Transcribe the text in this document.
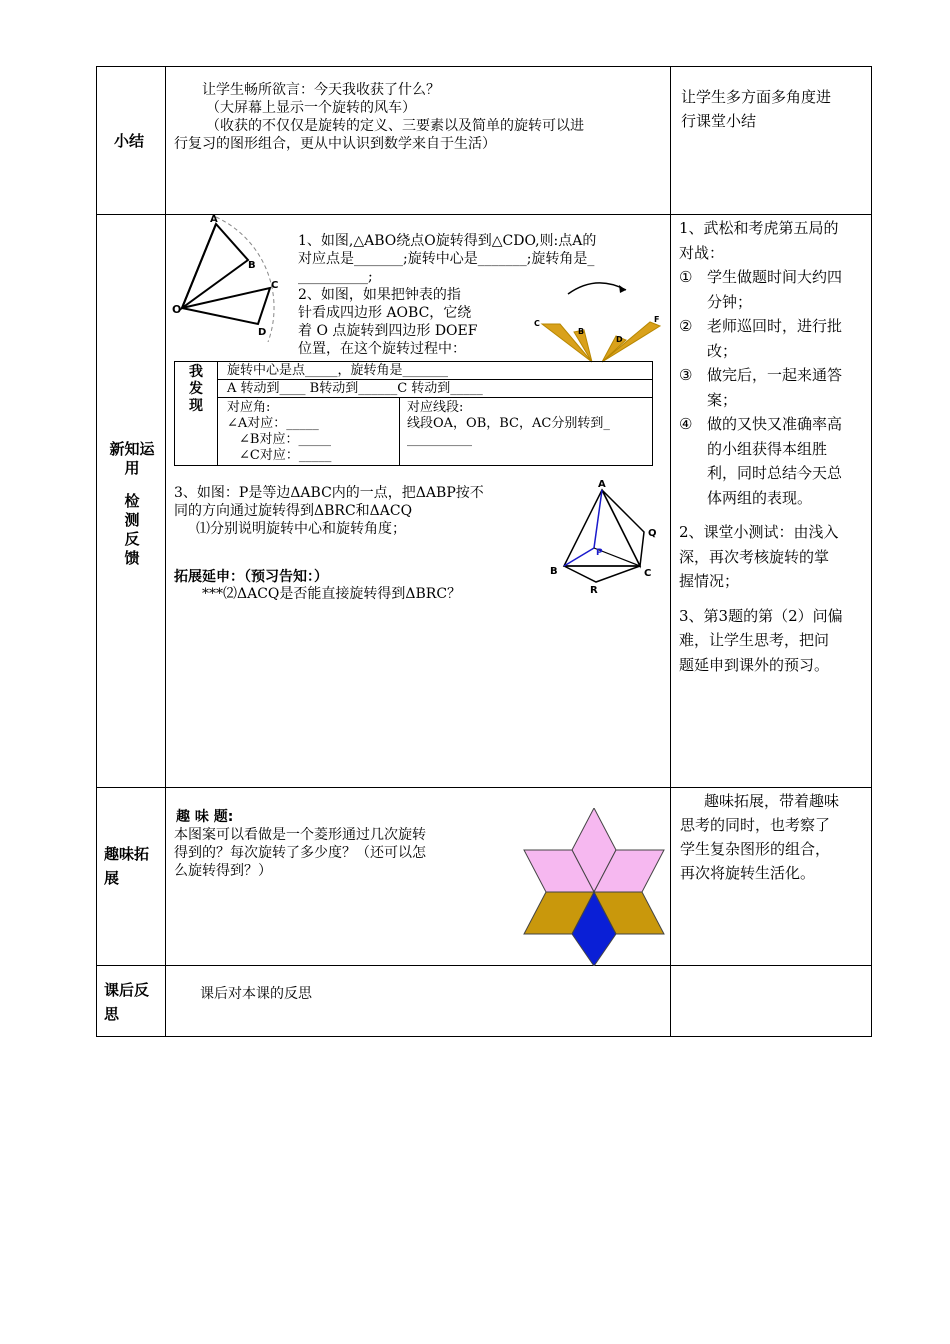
小结
让学生畅所欲言：今天我收获了什么？
（大屏幕上显示一个旋转的风车）
（收获的不仅仅是旋转的定义、三要素以及简单的旋转可以进
行复习的图形组合，更从中认识到数学来自于生活）
让学生多方面多角度进
行课堂小结
新知运
用
检
测
反
馈
A
B
C
D
O
1、如图,△ABO绕点O旋转得到△CDO,则:点A的
对应点是_______;旋转中心是_______;旋转角是_
__________;
2、如图，如果把钟表的指
针看成四边形 AOBC，它绕
着 O 点旋转到四边形 DOEF
位置，在这个旋转过程中：
C
B
D
F
我
发
现
旋转中心是点_____，旋转角是_______
A 转动到____ B转动到______C 转动到_____
对应角:
∠A对应：_____
∠B对应：_____
∠C对应：_____
对应线段:
线段OA，OB，BC，AC分别转到_
__________
3、如图：P是等边ΔABC内的一点，把ΔABP按不
同的方向通过旋转得到ΔBRC和ΔACQ
⑴分别说明旋转中心和旋转角度；
拓展延申：（预习告知：）
***⑵ΔACQ是否能直接旋转得到ΔBRC？
A
B	C
P
Q
R
1、武松和考虎第五局的
对战：
① 学生做题时间大约四
分钟；
② 老师巡回时，进行批
改；
③ 做完后，一起来通答
案；
④ 做的又快又准确率高
的小组获得本组胜
利，同时总结今天总
体两组的表现。
2、课堂小测试：由浅入
深，再次考核旋转的掌
握情况；
3、第3题的第（2）问偏
难，让学生思考，把问
题延申到课外的预习。
趣味拓
展
趣 味 题:
本图案可以看做是一个菱形通过几次旋转
得到的？每次旋转了多少度？（还可以怎
么旋转得到？）
趣味拓展，带着趣味
思考的同时，也考察了
学生复杂图形的组合，
再次将旋转生活化。
课后反
思
课后对本课的反思
